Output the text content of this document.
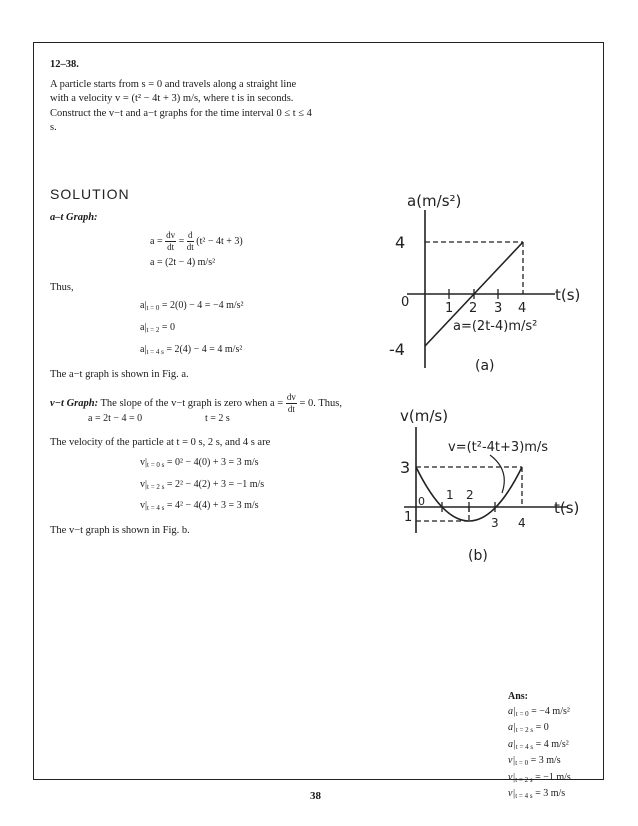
12–38.
A particle starts from s = 0 and travels along a straight line with a velocity v = (t² − 4t + 3) m/s, where t is in seconds. Construct the v−t and a−t graphs for the time interval 0 ≤ t ≤ 4 s.
SOLUTION
a–t Graph:
$a = \frac{dv}{dt} = \frac{d}{dt} (t^2 - 4t + 3)$
a = (2t − 4) m/s²
Thus,
$a|_{t = 0} = 2(0) - 4 = -4$ m/s²
$a|_{t = 2} = 0$
$a|_{t = 4 s} = 2(4) - 4 = 4$ m/s²
The a−t graph is shown in Fig. a.
v−t Graph: The slope of the v−t graph is zero when $a = \frac{dv}{dt} = 0$. Thus,
a = 2t − 4 = 0	t = 2 s
The velocity of the particle at t = 0 s, 2 s, and 4 s are
$v|_{t = 0 s} = 0^2 - 4(0) + 3 = 3$ m/s
$v|_{t = 2 s} = 2^2 - 4(2) + 3 = -1$ m/s
$v|_{t = 4 s} = 4^2 - 4(4) + 3 = 3$ m/s
The v−t graph is shown in Fig. b.
a(m/s²)
t(s)
4
-4
0	1 2 3 4
a=(2t-4)m/s²
(a)
v(m/s)
t(s)
v=(t²-4t+3)m/s
3
0
1
1 2
3 4
(b)
Ans:
$a|_{t = 0} = -4$ m/s²
$a|_{t = 2 s} = 0$
$a|_{t = 4 s} = 4$ m/s²
$v|_{t = 0} = 3$ m/s
$v|_{t = 2 s} = -1$ m/s
$v|_{t = 4 s} = 3$ m/s
38
